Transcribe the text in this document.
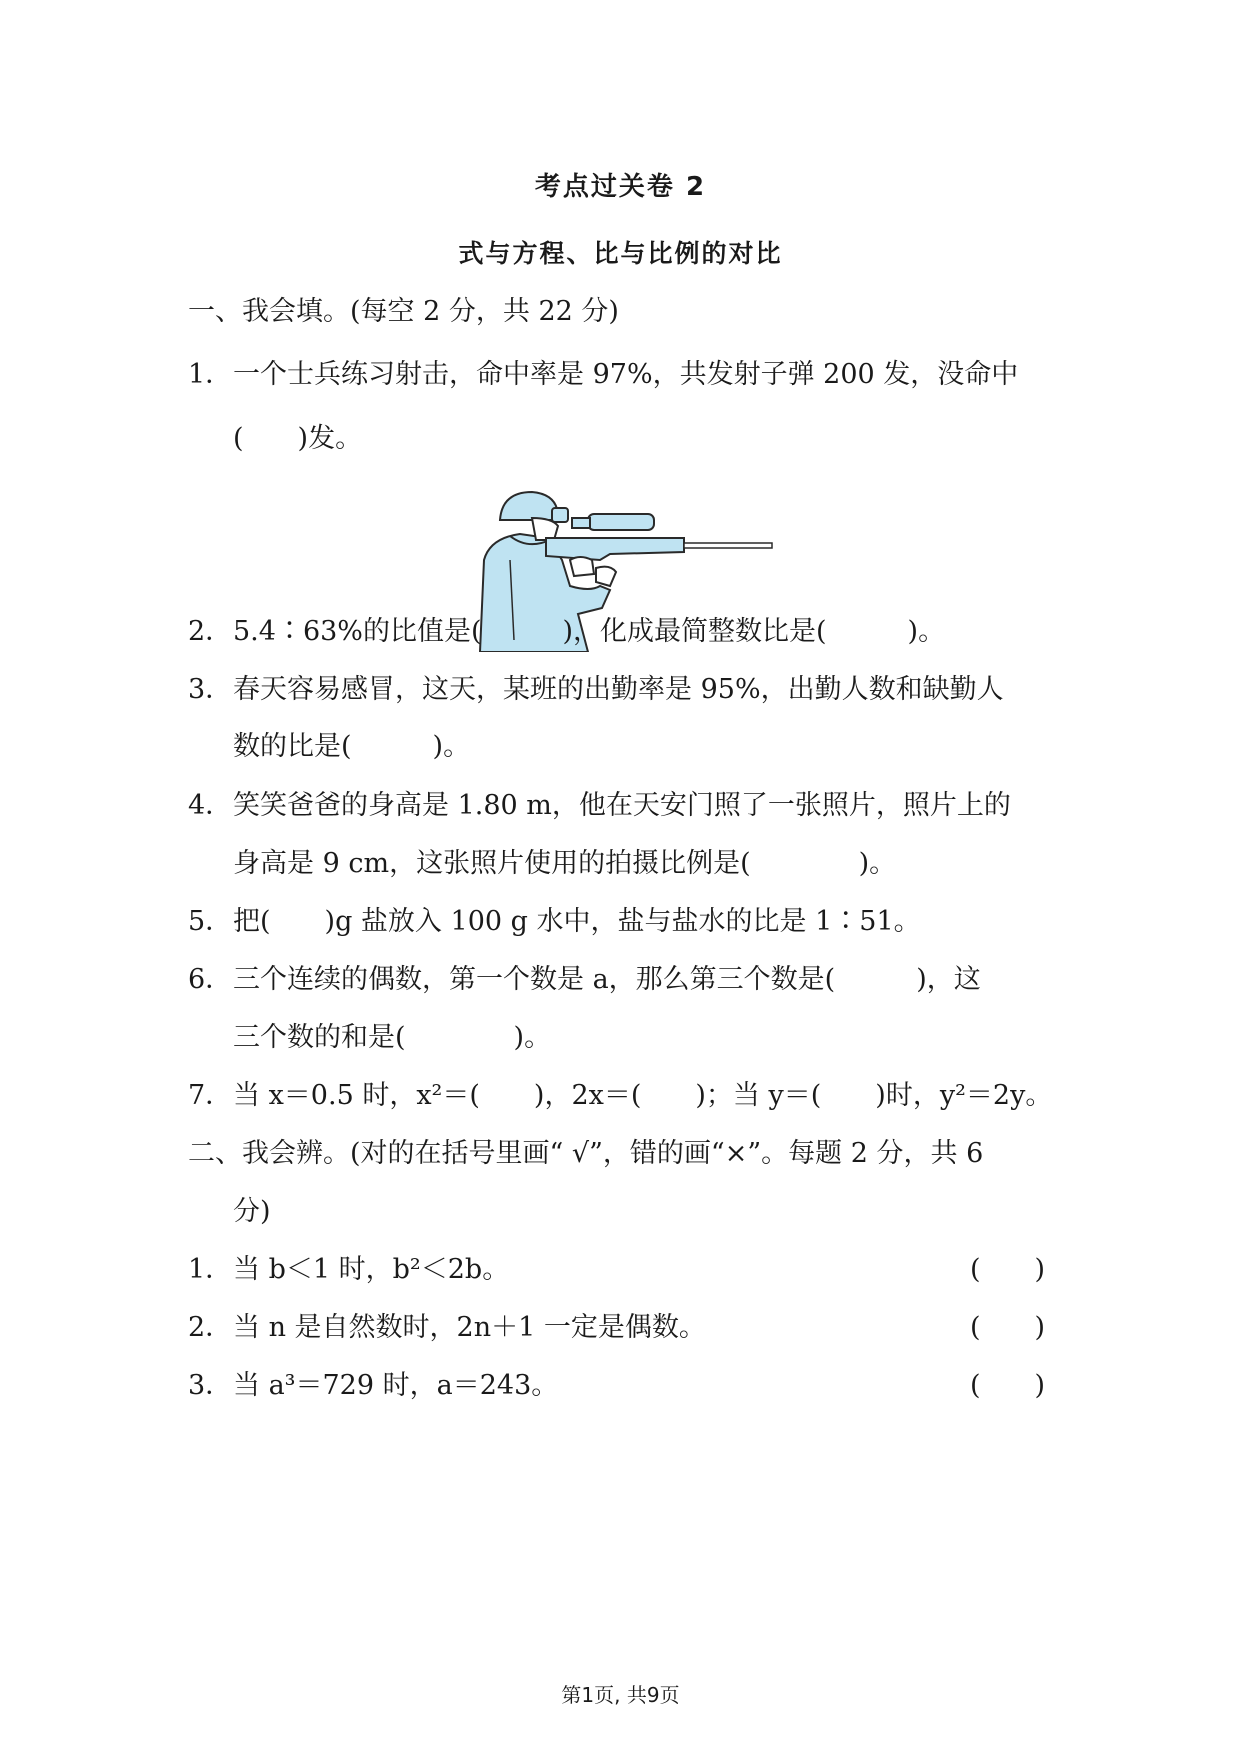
考点过关卷 2
式与方程、比与比例的对比
一、我会填。(每空 2 分，共 22 分)
1．一个士兵练习射击，命中率是 97%，共发射子弹 200 发，没命中
(　　)发。
2．5.4∶63%的比值是(　　　)，化成最简整数比是(　　　)。
3．春天容易感冒，这天，某班的出勤率是 95%，出勤人数和缺勤人
数的比是(　　　)。
4．笑笑爸爸的身高是 1.80 m，他在天安门照了一张照片，照片上的
身高是 9 cm，这张照片使用的拍摄比例是(　　　　)。
5．把(　　)g 盐放入 100 g 水中，盐与盐水的比是 1∶51。
6．三个连续的偶数，第一个数是 a，那么第三个数是(　　　)，这
三个数的和是(　　　　)。
7．当 x＝0.5 时，x²＝(　　)，2x＝(　　)；当 y＝(　　)时，y²＝2y。
二、我会辨。(对的在括号里画“ √”，错的画“×”。每题 2 分，共 6
分)
1．当 b＜1 时，b²＜2b。	(　　)
2．当 n 是自然数时，2n＋1 一定是偶数。	(　　)
3．当 a³＝729 时，a＝243。	(　　)
第1页, 共9页
